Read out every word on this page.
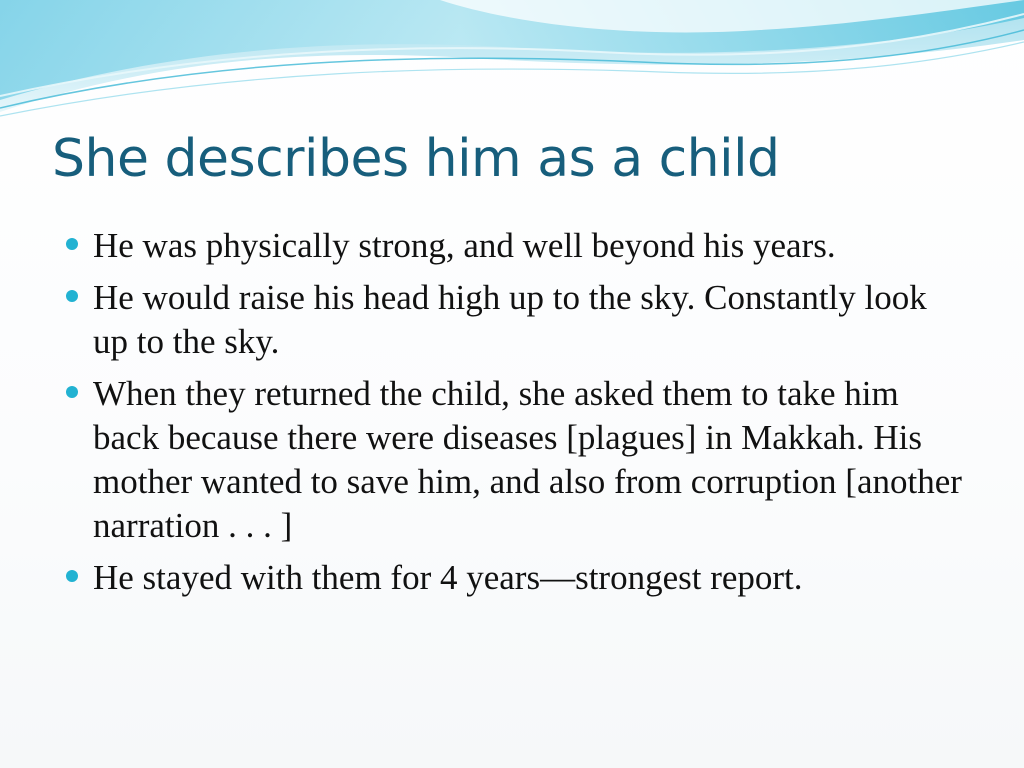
She describes him as a child
He was physically strong, and well beyond his years.
He would raise his head high up to the sky. Constantly look up to the sky.
When they returned the child, she asked them to take him back because there were diseases [plagues] in Makkah. His mother wanted to save him, and also from corruption [another narration . . . ]
He stayed with them for 4 years—strongest report.
